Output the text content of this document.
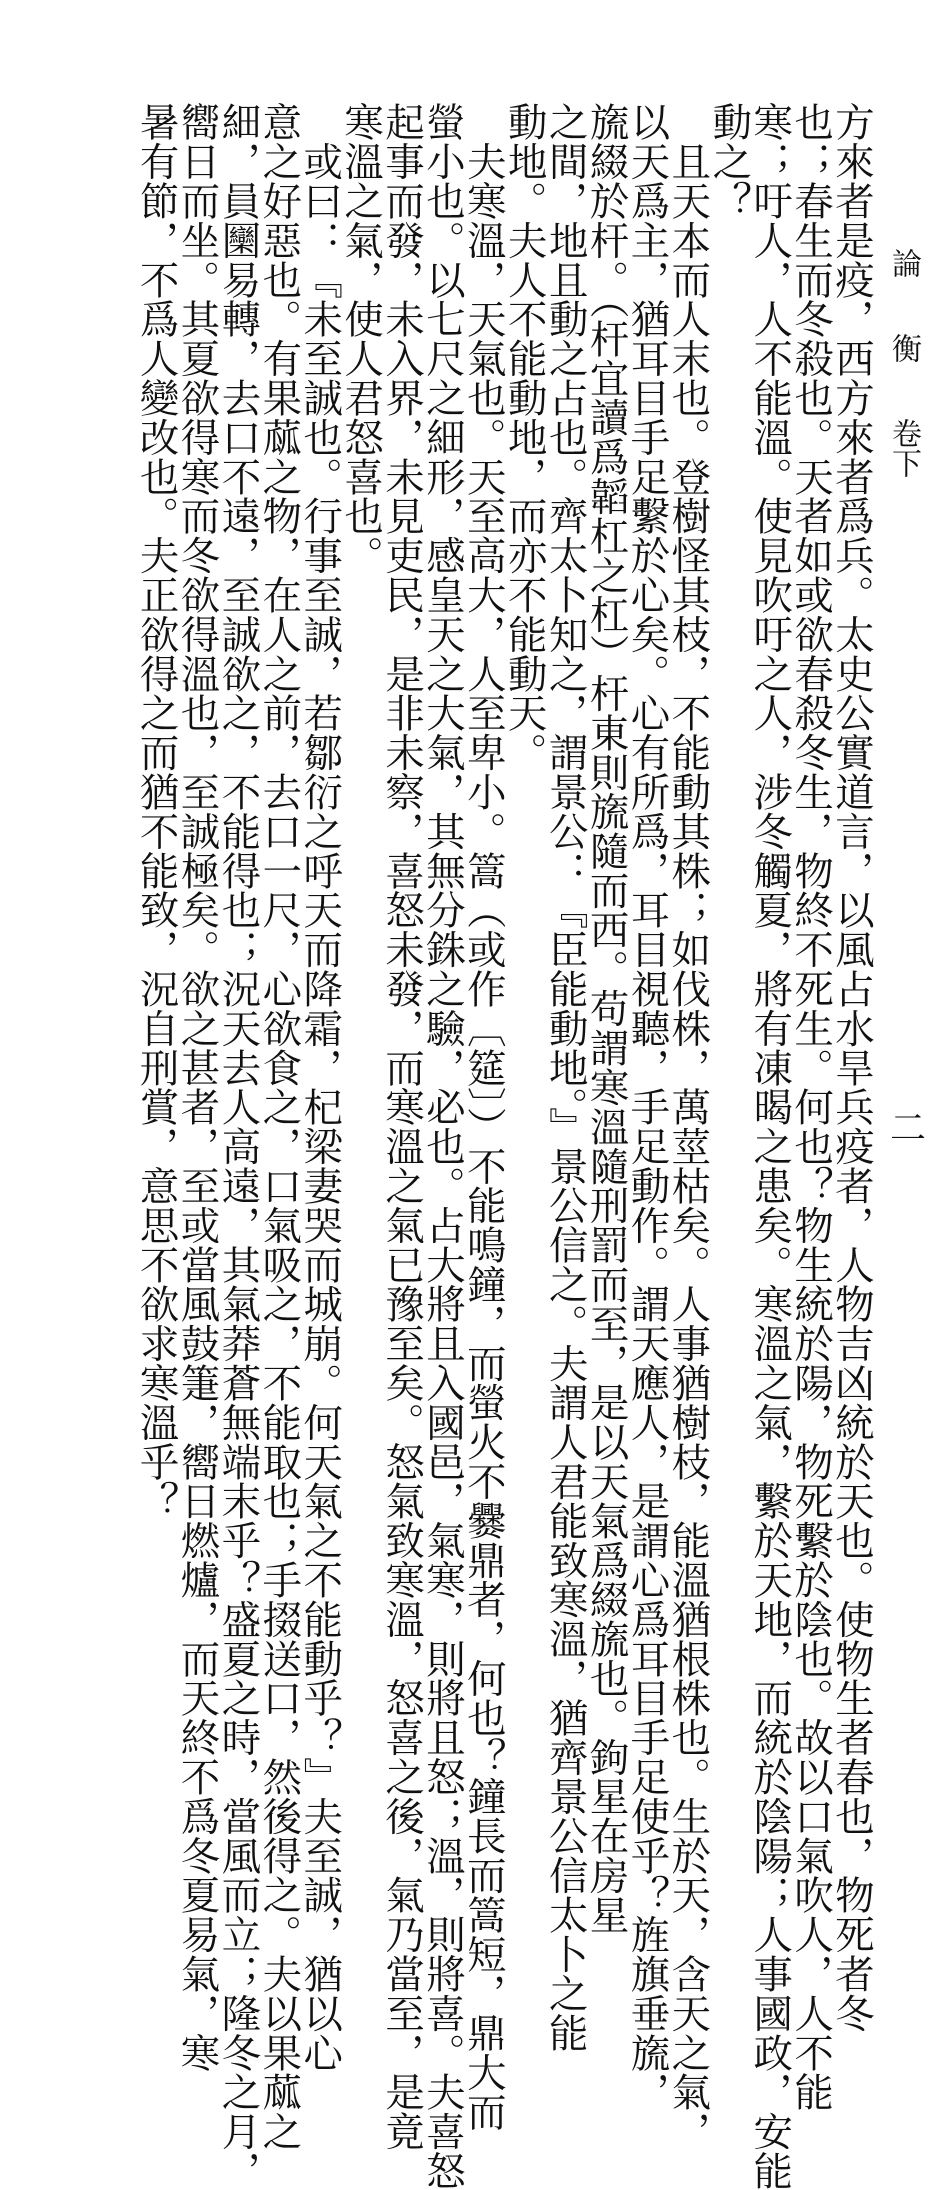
論衡卷下
二
方來者是疫，西方來者爲兵。太史公實道言，以風占水旱兵疫者，人物吉凶統於天也。使物生者春也，物死者冬
也；春生而冬殺也。天者如或欲春殺冬生，物終不死生。何也？物生統於陽，物死繫於陰也。故以口氣吹人，人不能
寒；吁人，人不能溫。使見吹吁之人，涉冬觸夏，將有凍暍之患矣。寒溫之氣，繫於天地，而統於陰陽；人事國政，安能
動之？
　且天本而人末也。登樹怪其枝，不能動其株；如伐株，萬莖枯矣。人事猶樹枝，能溫猶根株也。生於天，含天之氣，
以天爲主，猶耳目手足繫於心矣。心有所爲，耳目視聽，手足動作。謂天應人，是謂心爲耳目手足使乎？旌旗垂旒，
旒綴於杆。（杆宜讀爲韜杠之杠）杆東則旒隨而西。苟謂寒溫隨刑罰而至，是以天氣爲綴旒也。鉤星在房星
之間，地且動之占也。齊太卜知之，謂景公：『臣能動地。』景公信之。夫謂人君能致寒溫，猶齊景公信太卜之能
動地。夫人不能動地，而亦不能動天。
　夫寒溫，天氣也。天至高大，人至卑小。篙（或作〔筵〕）不能鳴鐘，而螢火不爨鼎者，何也？鐘長而篙短，鼎大而
螢小也。以七尺之細形，感皇天之大氣，其無分銖之驗，必也。占大將且入國邑，氣寒，則將且怒；溫，則將喜。夫喜怒
起事而發，未入界，未見吏民，是非未察，喜怒未發，而寒溫之氣已豫至矣。怒氣致寒溫，怒喜之後，氣乃當至，是竟
寒溫之氣，使人君怒喜也。
　或曰：『未至誠也。行事至誠，若鄒衍之呼天而降霜，杞梁妻哭而城崩。何天氣之不能動乎？』夫至誠，猶以心
意之好惡也。有果蓏之物，在人之前，去口一尺，心欲食之，口氣吸之，不能取也；手掇送口，然後得之。夫以果蓏之
細，員圞易轉，去口不遠，至誠欲之，不能得也；況天去人高遠，其氣莽蒼無端末乎？盛夏之時，當風而立；隆冬之月，
嚮日而坐。其夏欲得寒而冬欲得溫也，至誠極矣。欲之甚者，至或當風鼓箑，嚮日燃爐，而天終不爲冬夏易氣，寒
暑有節，不爲人變改也。夫正欲得之而猶不能致，況自刑賞，意思不欲求寒溫乎？
